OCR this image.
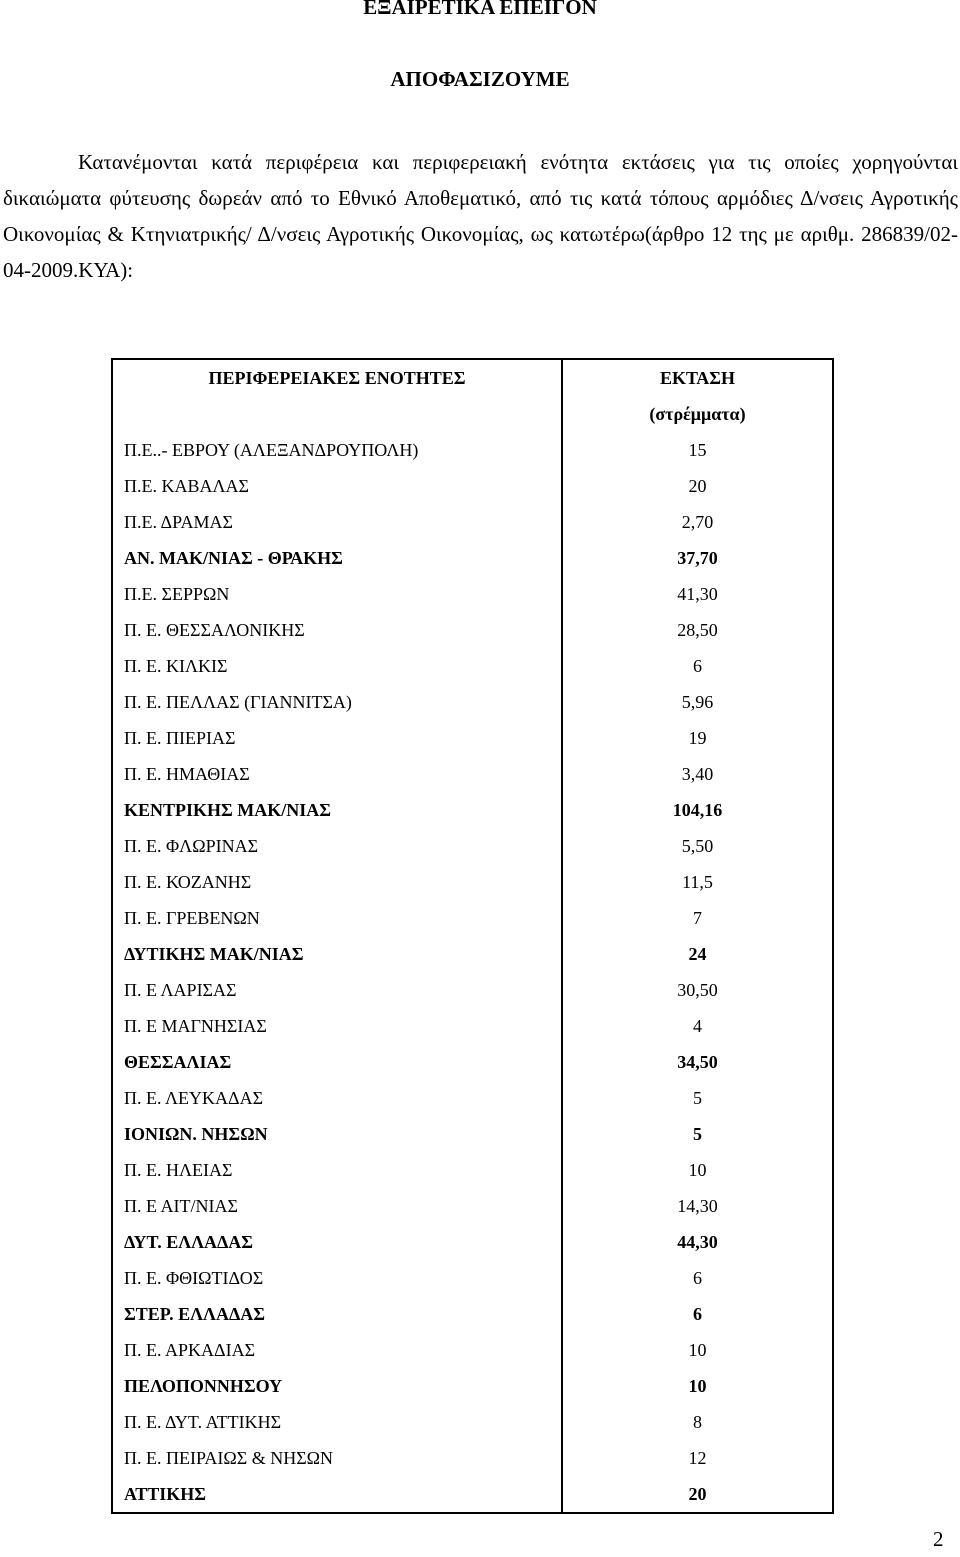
ΕΞΑΙΡΕΤΙΚΑ ΕΠΕΙΓΟΝ
ΑΠΟΦΑΣΙΖΟΥΜΕ

Κατανέμονται κατά περιφέρεια και περιφερειακή ενότητα εκτάσεις για τις οποίες χορηγούνται δικαιώματα φύτευσης δωρεάν από το Εθνικό Αποθεματικό, από τις κατά τόπους αρμόδιες Δ/νσεις Αγροτικής Οικονομίας & Κτηνιατρικής/ Δ/νσεις Αγροτικής Οικονομίας, ως κατωτέρω(άρθρο 12 της με αριθμ. 286839/02-04-2009.ΚΥΑ):

ΠΕΡΙΦΕΡΕΙΑΚΕΣ ΕΝΟΤΗΤΕΣ	ΕΚΤΑΣΗ
(στρέμματα)

Π.Ε..- ΕΒΡΟΥ (ΑΛΕΞΑΝΔΡΟΥΠΟΛΗ)	15
Π.Ε. ΚΑΒΑΛΑΣ	20
Π.Ε. ΔΡΑΜΑΣ	2,70
ΑΝ. ΜΑΚ/ΝΙΑΣ - ΘΡΑΚΗΣ	37,70
Π.Ε. ΣΕΡΡΩΝ	41,30
Π. Ε. ΘΕΣΣΑΛΟΝΙΚΗΣ	28,50
Π. Ε. ΚΙΛΚΙΣ	6
Π. Ε. ΠΕΛΛΑΣ (ΓΙΑΝΝΙΤΣΑ)	5,96
Π. Ε. ΠΙΕΡΙΑΣ	19
Π. Ε. ΗΜΑΘΙΑΣ	3,40
ΚΕΝΤΡΙΚΗΣ ΜΑΚ/ΝΙΑΣ	104,16
Π. Ε. ΦΛΩΡΙΝΑΣ	5,50
Π. Ε. ΚΟΖΑΝΗΣ	11,5
Π. Ε. ΓΡΕΒΕΝΩΝ	7
ΔΥΤΙΚΗΣ ΜΑΚ/ΝΙΑΣ	24
Π. Ε ΛΑΡΙΣΑΣ	30,50
Π. Ε ΜΑΓΝΗΣΙΑΣ	4
ΘΕΣΣΑΛΙΑΣ	34,50
Π. Ε. ΛΕΥΚΑΔΑΣ	5
ΙΟΝΙΩΝ. ΝΗΣΩΝ	5
Π. Ε. ΗΛΕΙΑΣ	10
Π. Ε ΑΙΤ/ΝΙΑΣ	14,30
ΔΥΤ. ΕΛΛΑΔΑΣ	44,30
Π. Ε. ΦΘΙΩΤΙΔΟΣ	6
ΣΤΕΡ. ΕΛΛΑΔΑΣ	6
Π. Ε. ΑΡΚΑΔΙΑΣ	10
ΠΕΛΟΠΟΝΝΗΣΟΥ	10
Π. Ε. ΔΥΤ. ΑΤΤΙΚΗΣ	8
Π. Ε. ΠΕΙΡΑΙΩΣ & ΝΗΣΩΝ	12
ΑΤΤΙΚΗΣ	20
2
